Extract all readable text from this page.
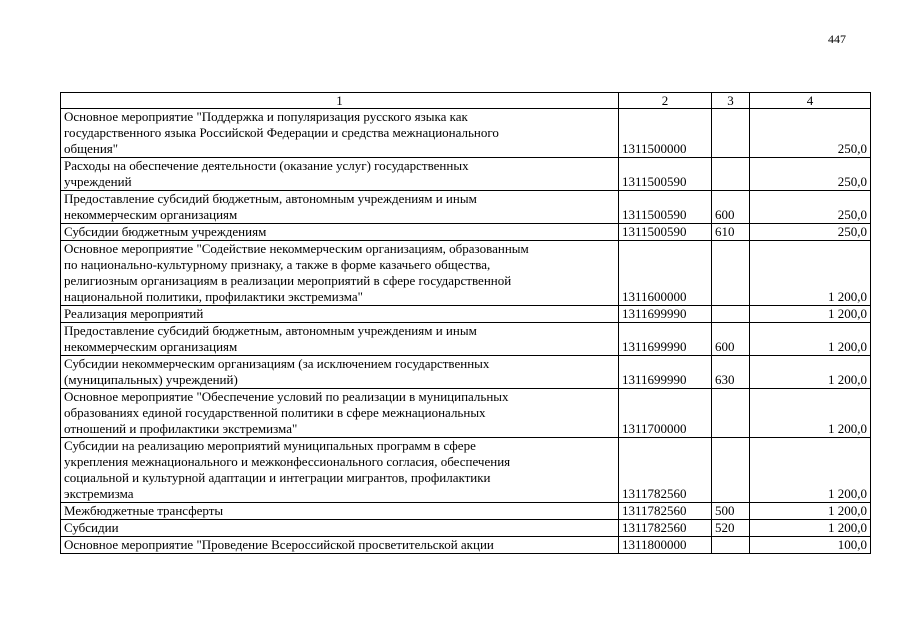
447
1	2	3	4

Основное мероприятие "Поддержка и популяризация русского языка как
государственного языка Российской Федерации и средства межнационального
общения"	1311500000		250,0

Расходы на обеспечение деятельности (оказание услуг) государственных
учреждений	1311500590		250,0

Предоставление субсидий бюджетным, автономным учреждениям и иным
некоммерческим организациям	1311500590	600	250,0

Субсидии бюджетным учреждениям	1311500590	610	250,0

Основное мероприятие "Содействие некоммерческим организациям, образованным
по национально-культурному признаку, а также в форме казачьего общества,
религиозным организациям в реализации мероприятий в сфере государственной
национальной политики, профилактики экстремизма"	1311600000		1 200,0

Реализация мероприятий	1311699990		1 200,0

Предоставление субсидий бюджетным, автономным учреждениям и иным
некоммерческим организациям	1311699990	600	1 200,0

Субсидии некоммерческим организациям (за исключением государственных
(муниципальных) учреждений)	1311699990	630	1 200,0

Основное мероприятие "Обеспечение условий по реализации в муниципальных
образованиях единой государственной политики в сфере межнациональных
отношений и профилактики экстремизма"	1311700000		1 200,0

Субсидии на реализацию мероприятий муниципальных программ в сфере
укрепления межнационального и межконфессионального согласия, обеспечения
социальной и культурной адаптации и интеграции мигрантов, профилактики
экстремизма	1311782560		1 200,0

Межбюджетные трансферты	1311782560	500	1 200,0

Субсидии	1311782560	520	1 200,0

Основное мероприятие "Проведение Всероссийской просветительской акции	1311800000		100,0
